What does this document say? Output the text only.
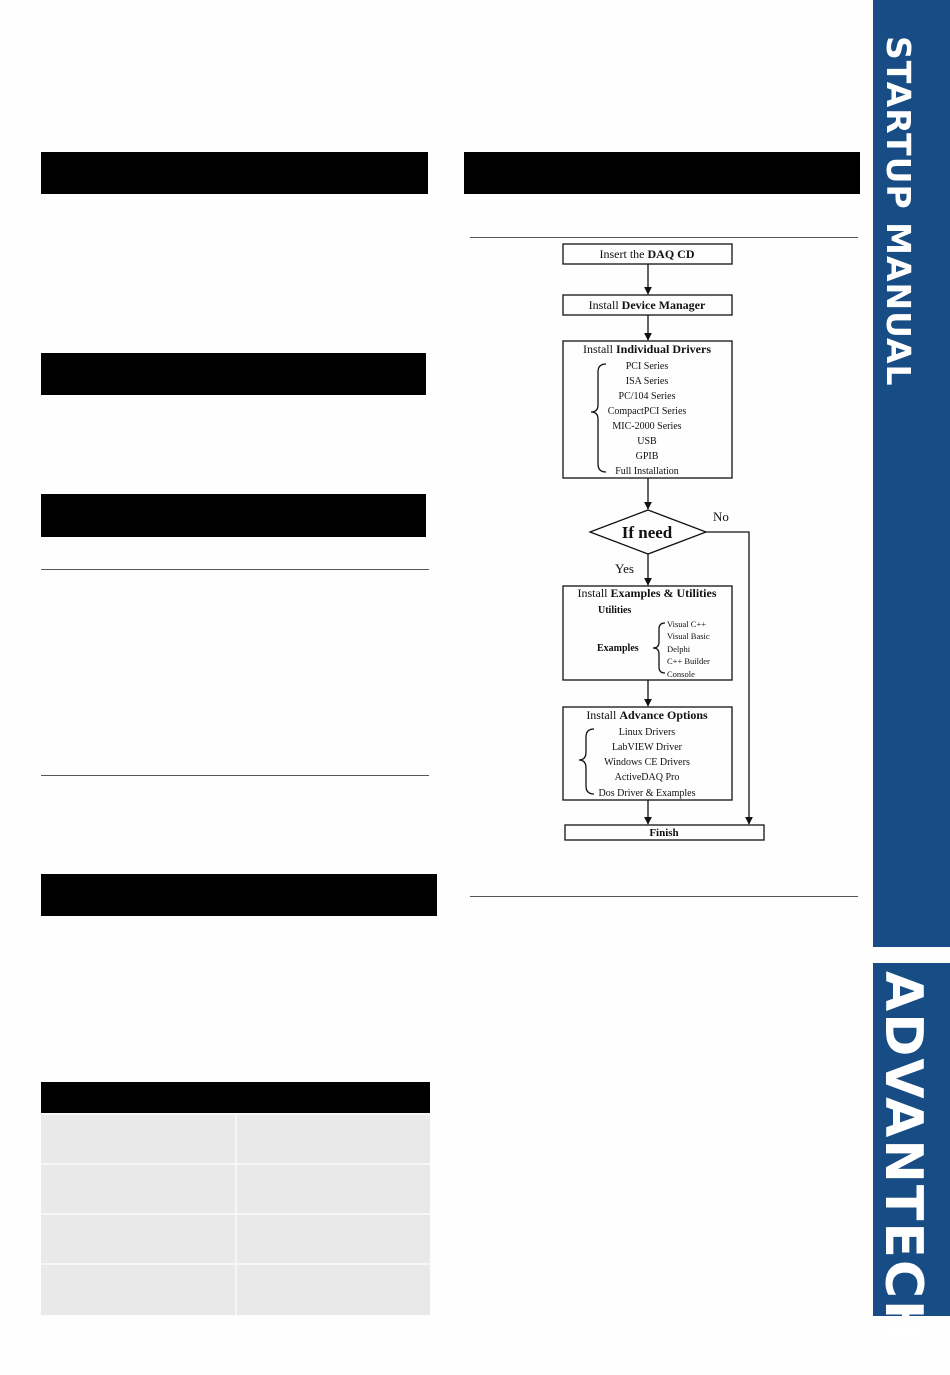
Insert the DAQ CD
Install Device Manager
Install Individual Drivers
PCI Series
ISA Series
PC/104 Series
CompactPCI Series
MIC-2000 Series
USB
GPIB
Full Installation
If need
No
Yes
Install Examples & Utilities
Utilities
Examples
Visual C++
Visual Basic
Delphi
C++ Builder
Console
Install Advance Options
Linux Drivers
LabVIEW Driver
Windows CE Drivers
ActiveDAQ Pro
Dos Driver & Examples
Finish
STARTUP MANUAL
ADVANTECH
